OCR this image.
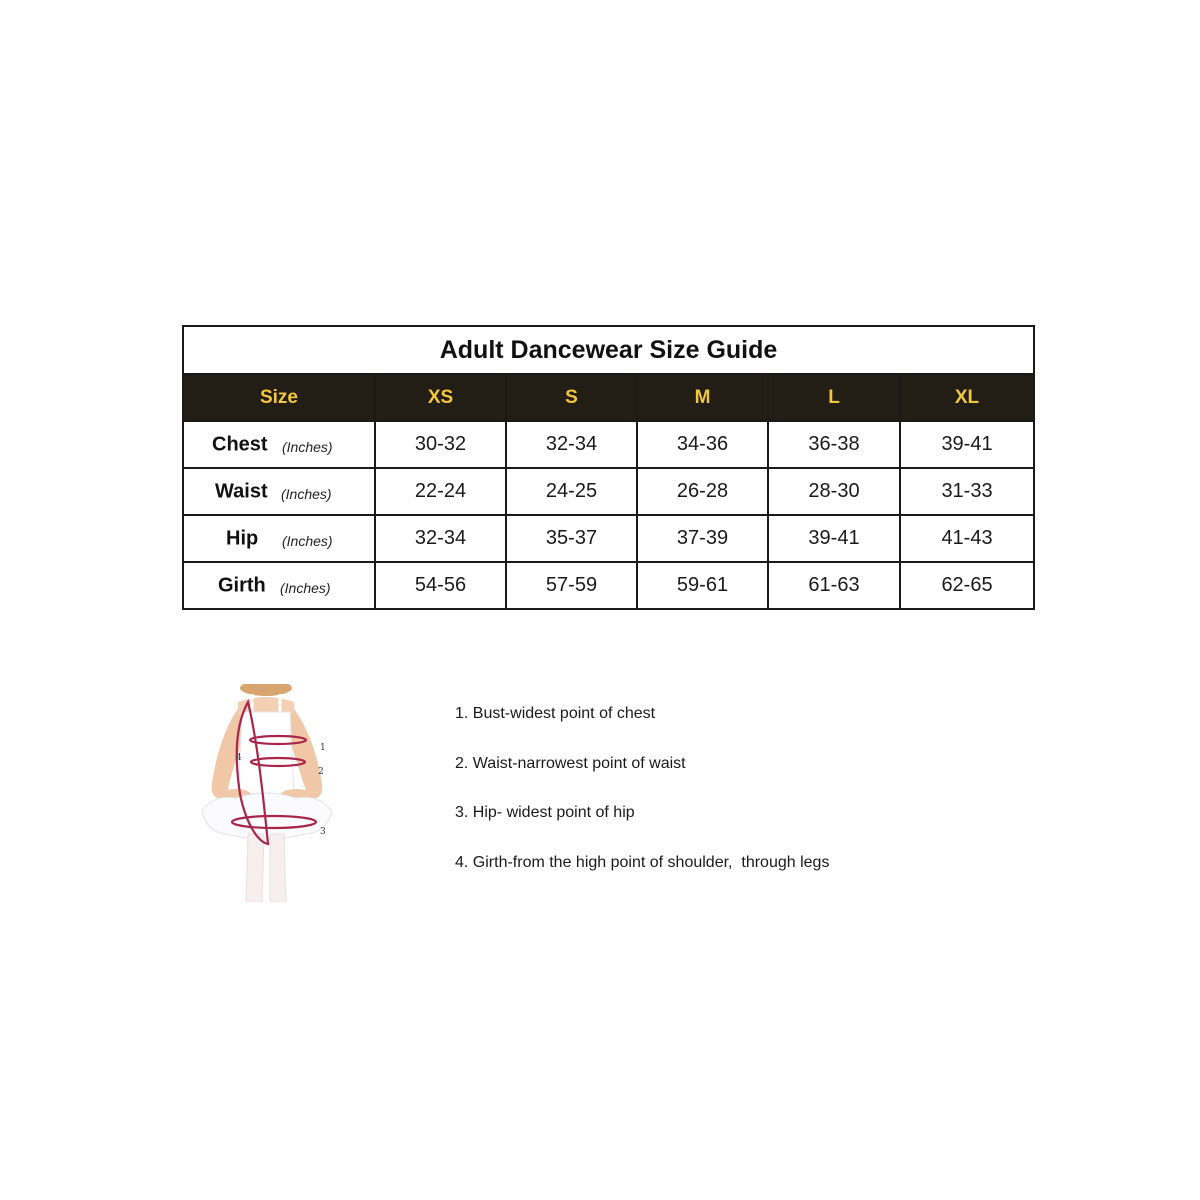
Adult Dancewear Size Guide					
Size	XS	S	M	L	XL

Chest (Inches)	30-32	32-34	34-36	36-38	39-41

Waist (Inches)	22-24	24-25	26-28	28-30	31-33

Hip (Inches)	32-34	35-37	37-39	39-41	41-43

Girth (Inches)	54-56	57-59	59-61	61-63	62-65
1
2
3
4
1. Bust-widest point of chest
2. Waist-narrowest point of waist
3. Hip- widest point of hip
4. Girth-from the high point of shoulder,  through legs
